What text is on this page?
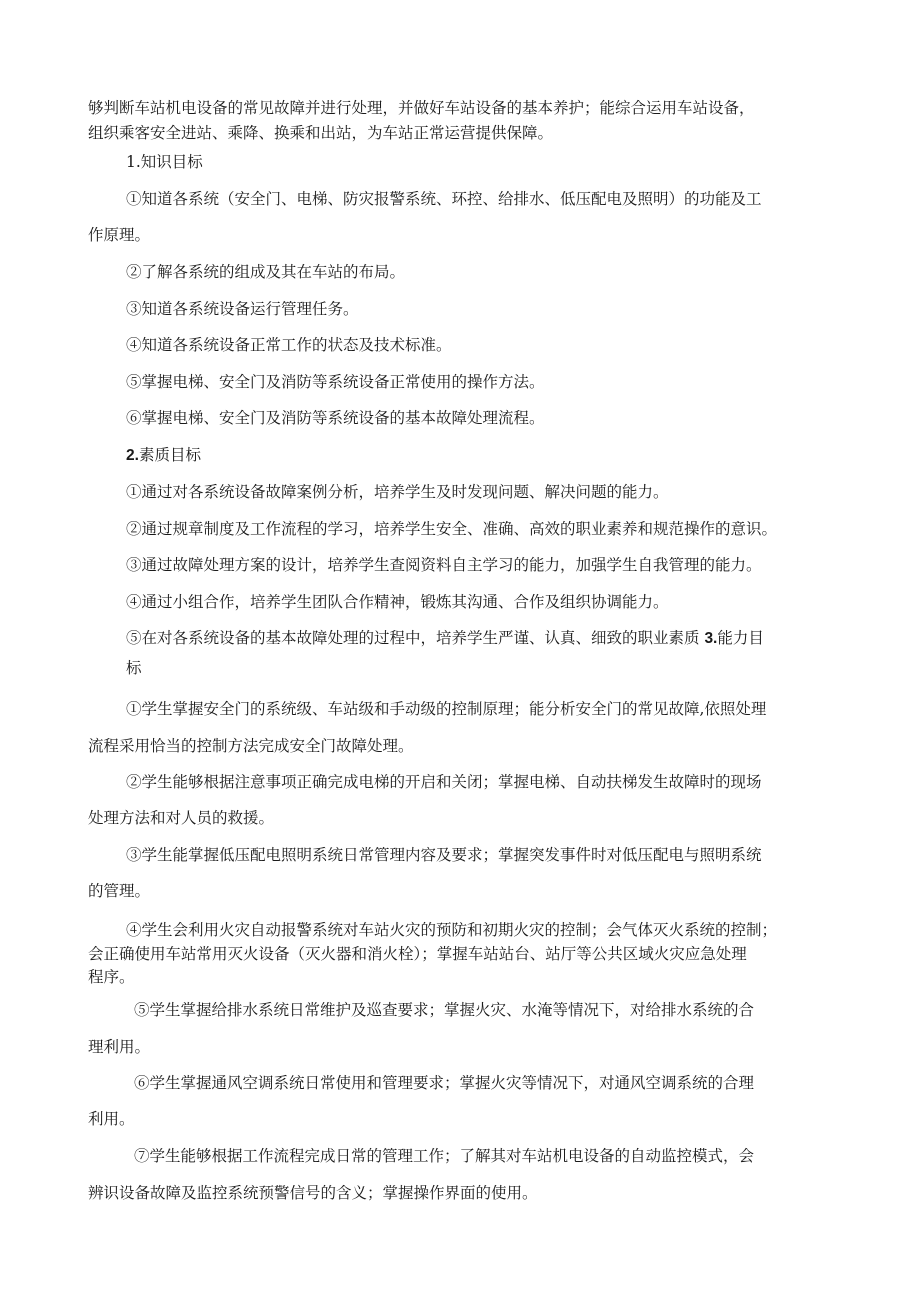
够判断车站机电设备的常见故障并进行处理，并做好车站设备的基本养护；能综合运用车站设备，

组织乘客安全进站、乘降、换乘和出站，为车站正常运营提供保障。

1.知识目标

①知道各系统（安全门、电梯、防灾报警系统、环控、给排水、低压配电及照明）的功能及工

作原理。

②了解各系统的组成及其在车站的布局。

③知道各系统设备运行管理任务。

④知道各系统设备正常工作的状态及技术标准。

⑤掌握电梯、安全门及消防等系统设备正常使用的操作方法。

⑥掌握电梯、安全门及消防等系统设备的基本故障处理流程。

2.素质目标

①通过对各系统设备故障案例分析，培养学生及时发现问题、解决问题的能力。

②通过规章制度及工作流程的学习，培养学生安全、准确、高效的职业素养和规范操作的意识。

③通过故障处理方案的设计，培养学生查阅资料自主学习的能力，加强学生自我管理的能力。

④通过小组合作，培养学生团队合作精神，锻炼其沟通、合作及组织协调能力。

⑤在对各系统设备的基本故障处理的过程中，培养学生严谨、认真、细致的职业素质 3.能力目

标

①学生掌握安全门的系统级、车站级和手动级的控制原理；能分析安全门的常见故障,依照处理

流程采用恰当的控制方法完成安全门故障处理。

②学生能够根据注意事项正确完成电梯的开启和关闭；掌握电梯、自动扶梯发生故障时的现场

处理方法和对人员的救援。

③学生能掌握低压配电照明系统日常管理内容及要求；掌握突发事件时对低压配电与照明系统

的管理。

④学生会利用火灾自动报警系统对车站火灾的预防和初期火灾的控制；会气体灭火系统的控制；

会正确使用车站常用灭火设备（灭火器和消火栓）；掌握车站站台、站厅等公共区域火灾应急处理

程序。

⑤学生掌握给排水系统日常维护及巡查要求；掌握火灾、水淹等情况下，对给排水系统的合

理利用。

⑥学生掌握通风空调系统日常使用和管理要求；掌握火灾等情况下，对通风空调系统的合理

利用。

⑦学生能够根据工作流程完成日常的管理工作；了解其对车站机电设备的自动监控模式，会

辨识设备故障及监控系统预警信号的含义；掌握操作界面的使用。
